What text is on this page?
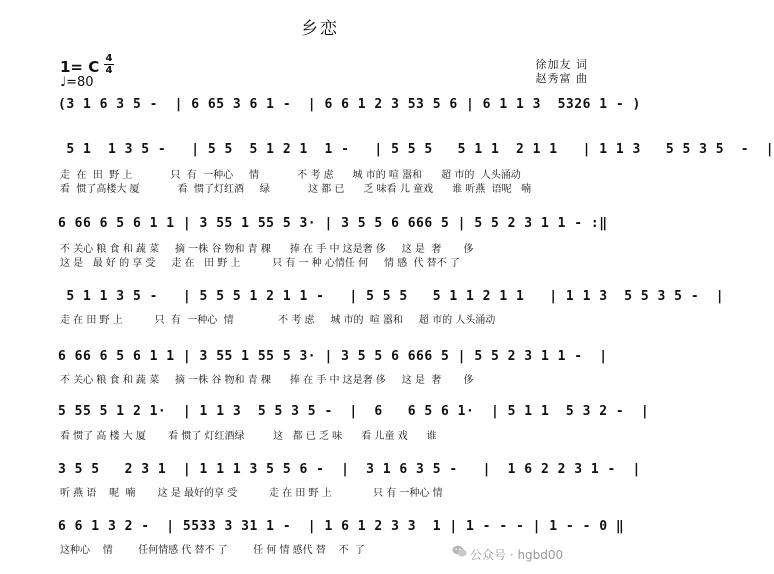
乡恋
1= C 4
4
♩=80
徐加友 词
赵秀富 曲
(3 1 6 3 5 -  | 6 65 3 6 1 -  | 6 6 1 2 3 53 5 6 | 6 1 1 3  5326 1 - )
5 1  1 3 5 -   | 5 5  5 1 2 1  1 -   | 5 5 5   5 1 1  2 1 1   | 1 1 3   5 5 3 5  -  |
走  在  田  野 上            只  有  一种心     情            不 考 虑      城 市的 喧 嚣和      超 市的  人头涌动
看  惯了高楼大 厦            看  惯了灯红酒     绿            这 都 已      乏 味看 儿 童戏      谁 听燕  语呢   喃
6 66 6 5 6 1 1 | 3 55 1 55 5 3· | 3 5 5 6 666 5 | 5 5 2 3 1 1 - :‖
不 关心 粮 食 和 蔬 菜     摘 一株 谷 物和 青 稞      捧 在 手 中 这是奢 侈     这 是  奢       侈
这 是   最 好 的 享 受     走 在   田 野 上          只 有 一 种 心情任 何     情 感  代 替不 了
5 1 1 3 5 -   | 5 5 5 1 2 1 1 -   | 5 5 5   5 1 1 2 1 1   | 1 1 3  5 5 3 5 -  |
走 在 田 野 上          只  有  一种心  情              不 考 虑     城 市的  喧 嚣和     超 市的 人头涌动
6 66 6 5 6 1 1 | 3 55 1 55 5 3· | 3 5 5 6 666 5 | 5 5 2 3 1 1 -  |
不 关心 粮 食 和 蔬 菜     摘 一株 谷 物和 青 稞      捧 在 手 中 这是奢 侈     这 是  奢       侈
5 55 5 1 2 1·  | 1 1 3  5 5 3 5 -  |  6   6 5 6 1·  | 5 1 1  5 3 2 -  |
看 惯了 高 楼 大 厦       看 惯了 灯红酒绿         这   都 已 乏 味      看 儿童 戏      谁
3 5 5   2 3 1  | 1 1 1 3 5 5 6 -  |  3 1 6 3 5 -   |  1 6 2 2 3 1 -  |
听 燕 语    呢  喃       这 是 最好的享 受          走 在 田 野 上             只 有 一种心 情
6 6 1 3 2 -  | 5533 3 31 1 -  | 1 6 1 2 3 3  1 | 1 - - - | 1 - - 0 ‖
这种心    情        任何情感 代 替不 了        任 何 情 感代 替    不  了	公众号 · hgbd00
